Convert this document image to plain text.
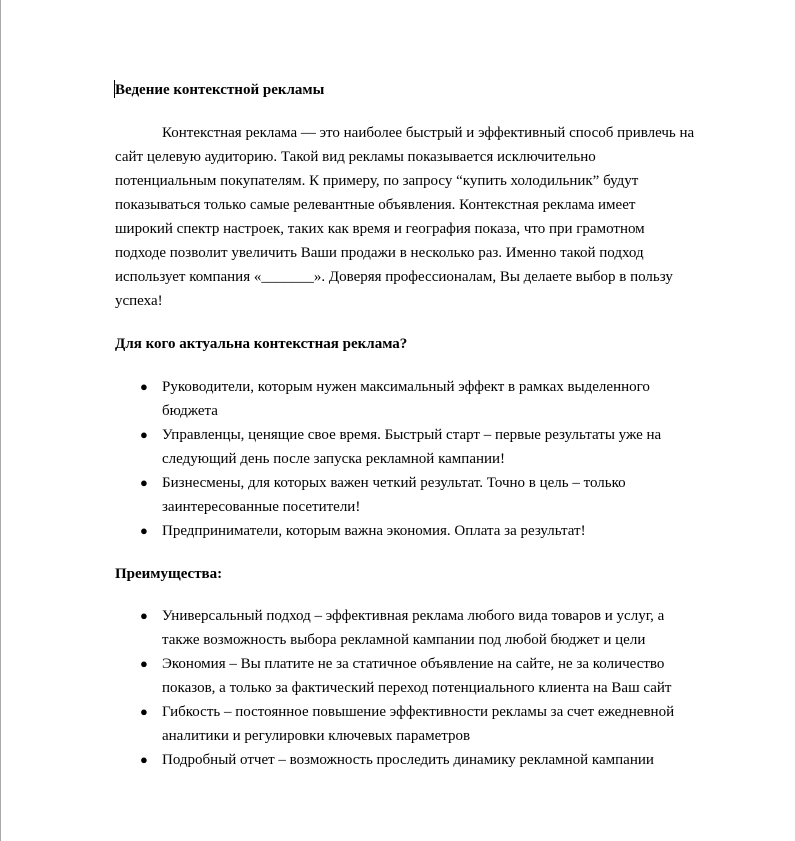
Ведение контекстной рекламы
Контекстная реклама — это наиболее быстрый и эффективный способ привлечь на
сайт целевую аудиторию. Такой вид рекламы показывается исключительно
потенциальным покупателям. К примеру, по запросу “купить холодильник” будут
показываться только самые релевантные объявления. Контекстная реклама имеет
широкий спектр настроек, таких как время и география показа, что при грамотном
подходе позволит увеличить Ваши продажи в несколько раз. Именно такой подход
использует компания «_______». Доверяя профессионалам, Вы делаете выбор в пользу
успеха!
Для кого актуальна контекстная реклама?
● Руководители, которым нужен максимальный эффект в рамках выделенного
бюджета
● Управленцы, ценящие свое время. Быстрый старт – первые результаты уже на
следующий день после запуска рекламной кампании!
● Бизнесмены, для которых важен четкий результат. Точно в цель – только
заинтересованные посетители!
● Предприниматели, которым важна экономия. Оплата за результат!
Преимущества:
● Универсальный подход – эффективная реклама любого вида товаров и услуг, а
также возможность выбора рекламной кампании под любой бюджет и цели
● Экономия – Вы платите не за статичное объявление на сайте, не за количество
показов, а только за фактический переход потенциального клиента на Ваш сайт
● Гибкость – постоянное повышение эффективности рекламы за счет ежедневной
аналитики и регулировки ключевых параметров
● Подробный отчет – возможность проследить динамику рекламной кампании
